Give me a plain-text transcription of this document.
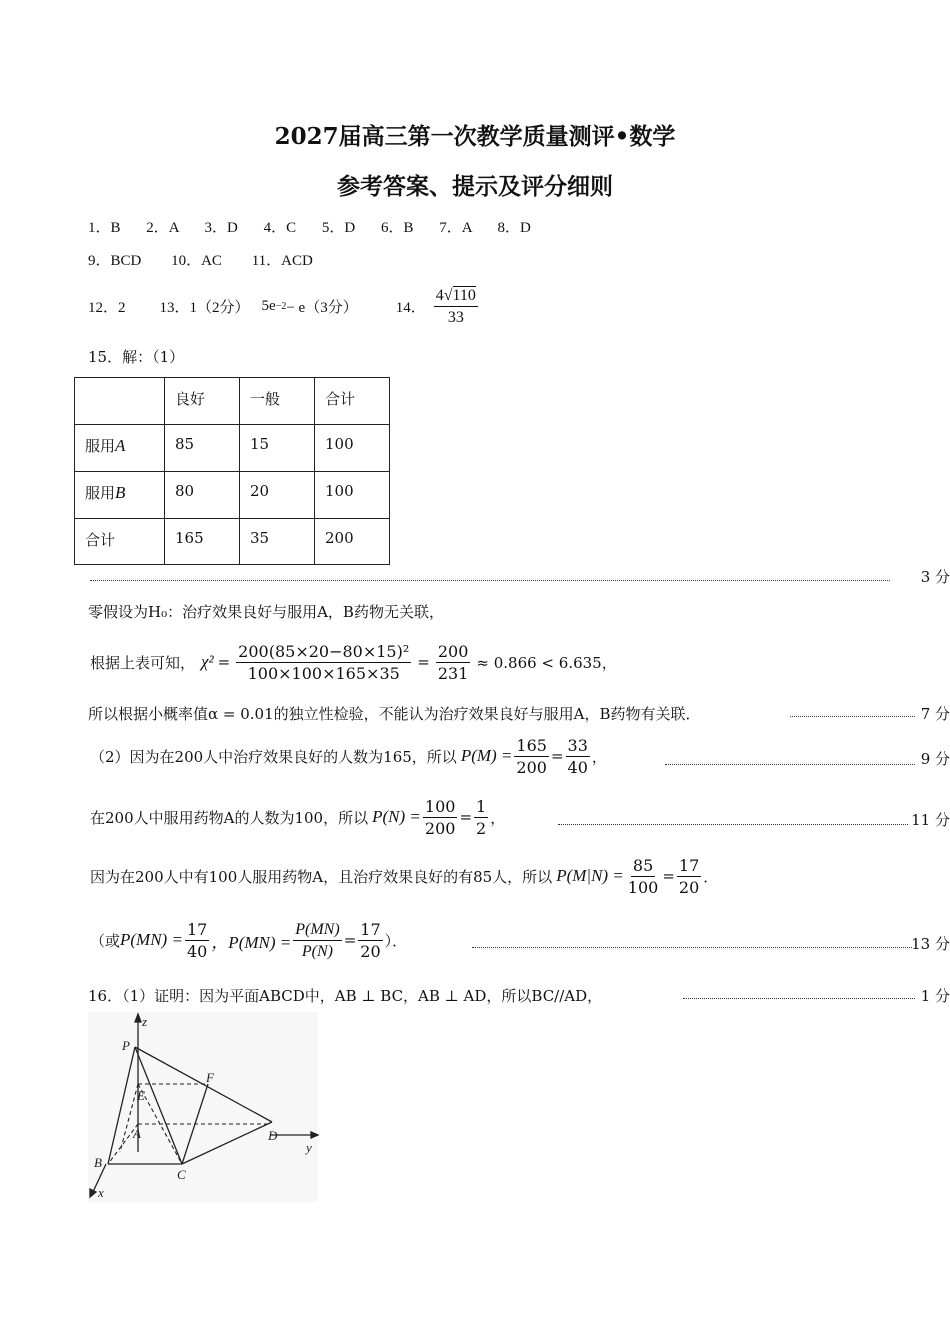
2027届高三第一次教学质量测评•数学
参考答案、提示及评分细则
1．B 2．A 3．D 4．C 5．D 6．B 7．A 8．D
9．BCD 10．AC 11．ACD
12．2 13．1（2分） 5e −2 − e（3分）	14． $\frac{4√110}{33}$
15．解：（1）
	良好	一般	合计
服用A	85	15	100
服用B	80	20	100
合计	165	35	200
3 分
零假设为H₀：治疗效果良好与服用A，B药物无关联，
根据上表可知， $\chi^2 = \frac{\text{200(85×20−80×15)²}}{100\times 100\times 165\times 35} = \frac{200}{231} \approx 0.866 < 6.635$，
所以根据小概率值α = 0.01的独立性检验，不能认为治疗效果良好与服用A，B药物有关联．	7 分
（2）因为在200人中治疗效果良好的人数为165，所以 $P(M) = \frac{165}{200} = \frac{33}{40}$ ，	9 分
在200人中服用药物A的人数为100，所以 $P(N) = \frac{100}{200} = \frac{1}{2}$ ，	11 分
因为在200人中有100人服用药物A，且治疗效果良好的有85人，所以 $P(M|N) = \frac{85}{100} = \frac{17}{20}$ ．
（或 $P(MN) = \frac{17}{40}$ ，$P(MN) = \frac{P(MN)}{P(N)} = \frac{17}{20}$ ）．	13 分
16．（1）证明：因为平面ABCD中，AB ⊥ BC，AB ⊥ AD，所以BC//AD，	1 分
z
y
x
P
E
F
A
B
C
D
